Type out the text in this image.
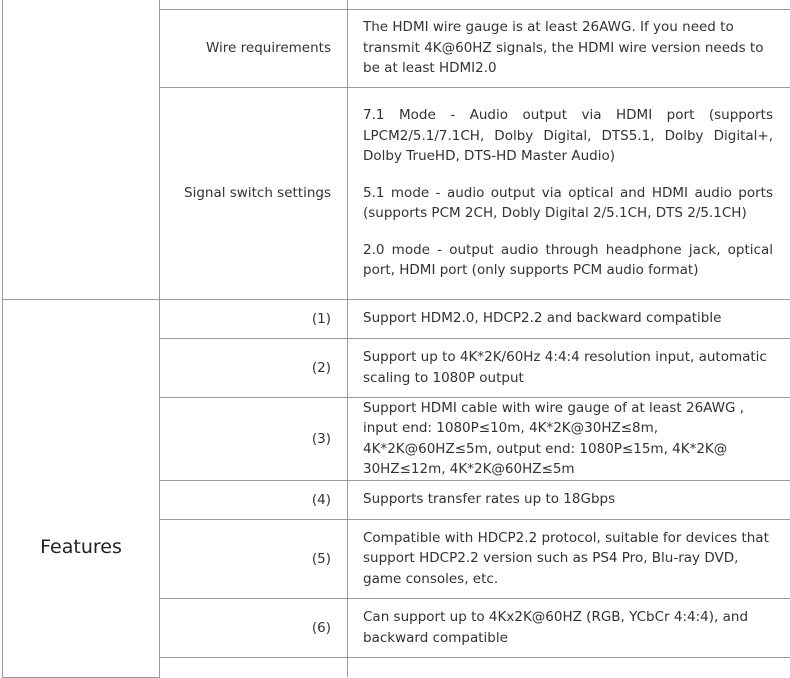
	Wire requirements	The HDMI wire gauge is at least 26AWG. If you need to transmit 4K@60HZ signals, the HDMI wire version needs to be at least HDMI2.0

	Signal switch settings	7.1 Mode - Audio output via HDMI port (supports LPCM2/5.1/7.1CH, Dolby Digital, DTS5.1, Dolby Digital+, Dolby TrueHD, DTS-HD Master Audio)

5.1 mode - audio output via optical and HDMI audio ports (supports PCM 2CH, Dobly Digital 2/5.1CH, DTS 2/5.1CH)

2.0 mode - output audio through headphone jack, optical port, HDMI port (only supports PCM audio format)

Features	(1)	Support HDM2.0, HDCP2.2 and backward compatible
	(2)	Support up to 4K*2K/60Hz 4:4:4 resolution input, automatic scaling to 1080P output
	(3)	Support HDMI cable with wire gauge of at least 26AWG , input end: 1080P≤10m, 4K*2K@30HZ≤8m, 4K*2K@60HZ≤5m, output end: 1080P≤15m, 4K*2K@ 30HZ≤12m, 4K*2K@60HZ≤5m
	(4)	Supports transfer rates up to 18Gbps
	(5)	Compatible with HDCP2.2 protocol, suitable for devices that support HDCP2.2 version such as PS4 Pro, Blu-ray DVD, game consoles, etc.
	(6)	Can support up to 4Kx2K@60HZ (RGB, YCbCr 4:4:4), and backward compatible
